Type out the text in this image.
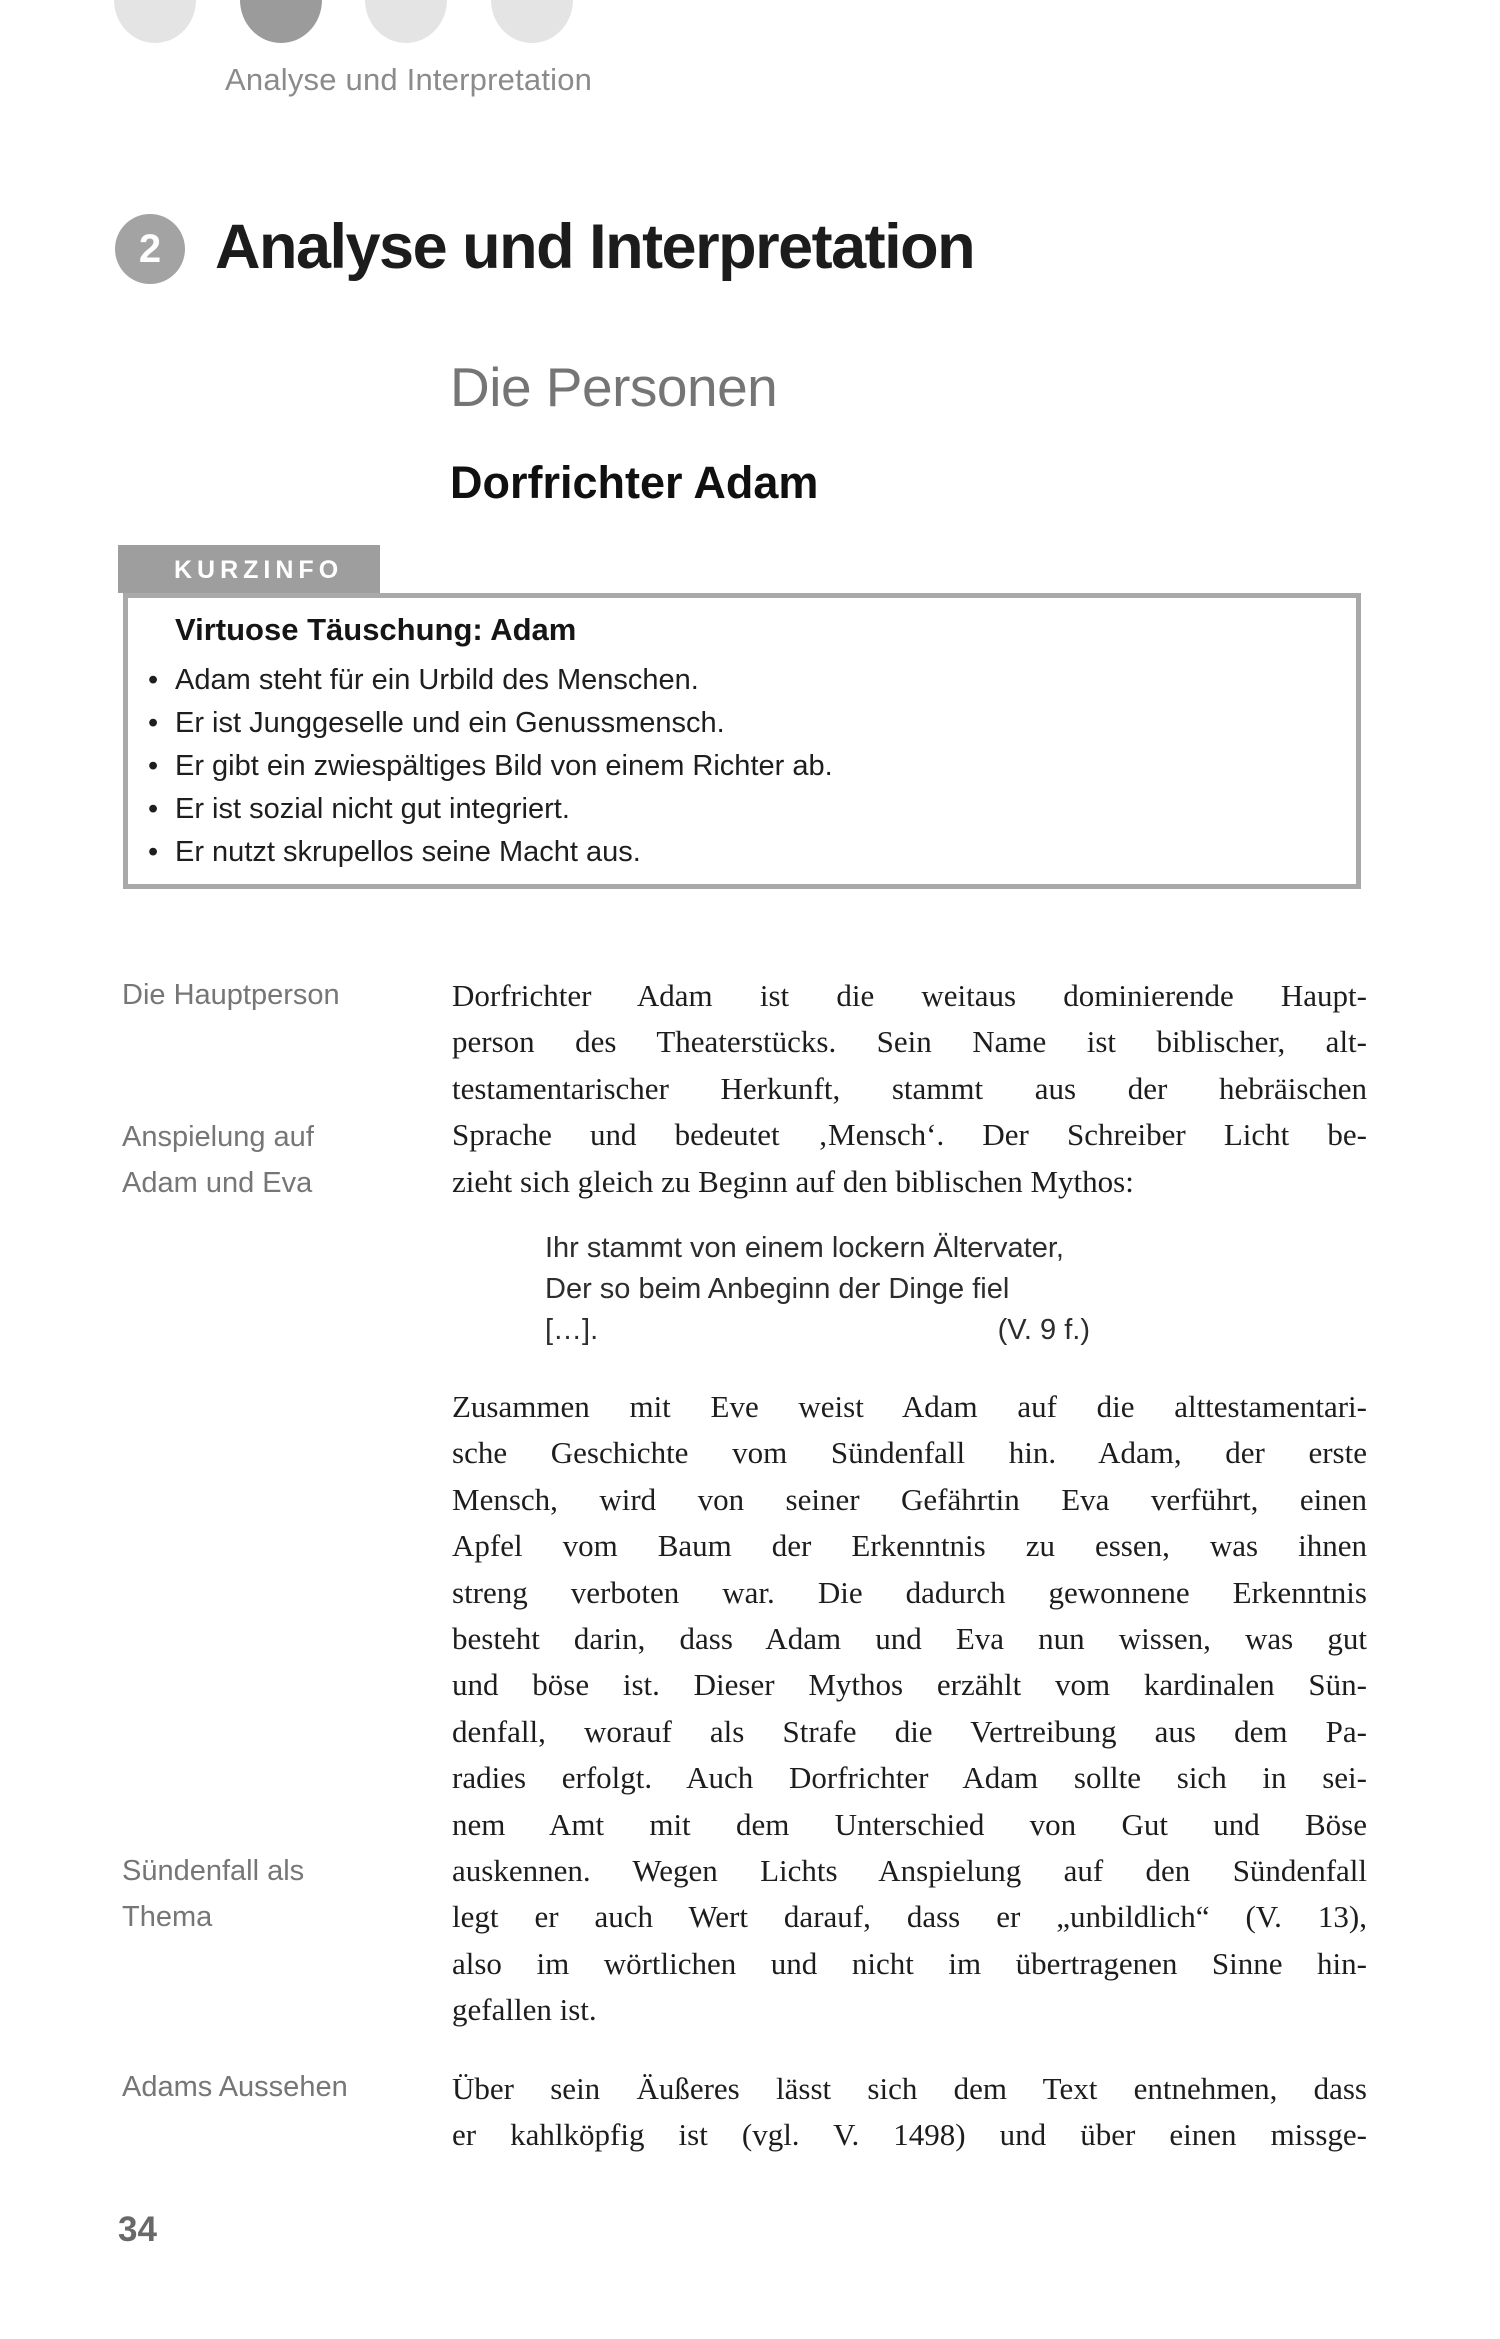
Analyse und Interpretation
2 Analyse und Interpretation
Die Personen
Dorfrichter Adam
KURZINFO
Virtuose Täuschung: Adam
• Adam steht für ein Urbild des Menschen.
• Er ist Junggeselle und ein Genussmensch.
• Er gibt ein zwiespältiges Bild von einem Richter ab.
• Er ist sozial nicht gut integriert.
• Er nutzt skrupellos seine Macht aus.
Die Hauptperson
Anspielung auf
Adam und Eva
Sündenfall als
Thema
Adams Aussehen
Dorfrichter Adam ist die weitaus dominierende Haupt-
person des Theaterstücks. Sein Name ist biblischer, alt-
testamentarischer Herkunft, stammt aus der hebräischen
Sprache und bedeutet ‚Mensch‘. Der Schreiber Licht be-
zieht sich gleich zu Beginn auf den biblischen Mythos:
Ihr stammt von einem lockern Ältervater,
Der so beim Anbeginn der Dinge fiel
[…].	(V. 9 f.)
Zusammen mit Eve weist Adam auf die alttestamentari-
sche Geschichte vom Sündenfall hin. Adam, der erste
Mensch, wird von seiner Gefährtin Eva verführt, einen
Apfel vom Baum der Erkenntnis zu essen, was ihnen
streng verboten war. Die dadurch gewonnene Erkenntnis
besteht darin, dass Adam und Eva nun wissen, was gut
und böse ist. Dieser Mythos erzählt vom kardinalen Sün-
denfall, worauf als Strafe die Vertreibung aus dem Pa-
radies erfolgt. Auch Dorfrichter Adam sollte sich in sei-
nem Amt mit dem Unterschied von Gut und Böse
auskennen. Wegen Lichts Anspielung auf den Sündenfall
legt er auch Wert darauf, dass er „unbildlich“ (V. 13),
also im wörtlichen und nicht im übertragenen Sinne hin-
gefallen ist.
Über sein Äußeres lässt sich dem Text entnehmen, dass
er kahlköpfig ist (vgl. V. 1498) und über einen missge-
34
